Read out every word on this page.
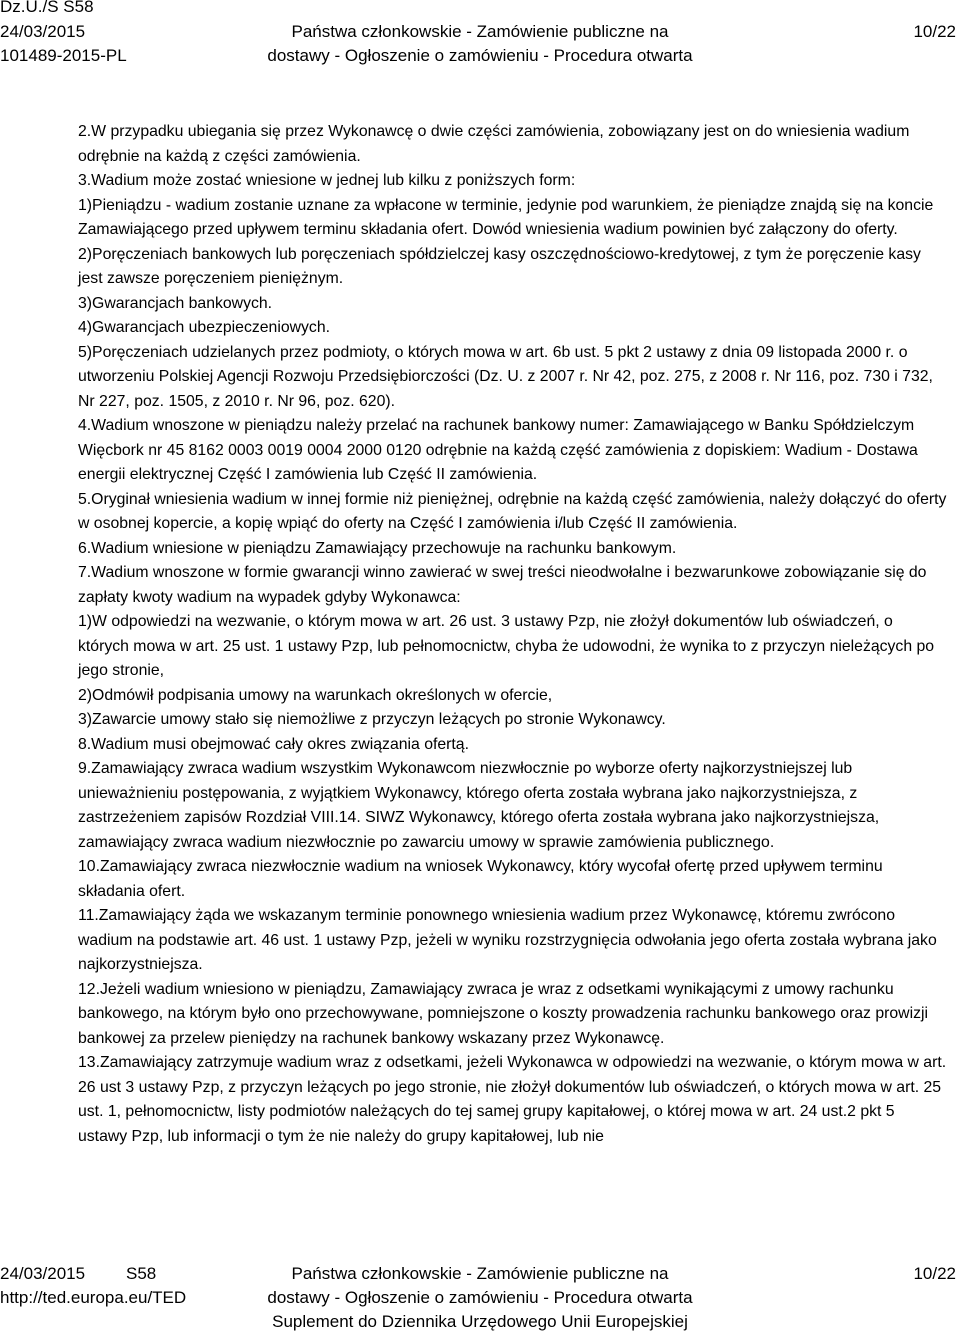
Dz.U./S S58
24/03/2015
101489-2015-PL
Państwa członkowskie - Zamówienie publiczne na
dostawy - Ogłoszenie o zamówieniu - Procedura otwarta
10/22

2.W przypadku ubiegania się przez Wykonawcę o dwie części zamówienia, zobowiązany jest on do wniesienia wadium odrębnie na każdą z części zamówienia.

3.Wadium może zostać wniesione w jednej lub kilku z poniższych form:

1)Pieniądzu - wadium zostanie uznane za wpłacone w terminie, jedynie pod warunkiem, że pieniądze znajdą się na koncie Zamawiającego przed upływem terminu składania ofert. Dowód wniesienia wadium powinien być załączony do oferty.

2)Poręczeniach bankowych lub poręczeniach spółdzielczej kasy oszczędnościowo-kredytowej, z tym że poręczenie kasy jest zawsze poręczeniem pieniężnym.

3)Gwarancjach bankowych.

4)Gwarancjach ubezpieczeniowych.

5)Poręczeniach udzielanych przez podmioty, o których mowa w art. 6b ust. 5 pkt 2 ustawy z dnia 09 listopada 2000 r. o utworzeniu Polskiej Agencji Rozwoju Przedsiębiorczości (Dz. U. z 2007 r. Nr 42, poz. 275, z 2008 r. Nr 116, poz. 730 i 732, Nr 227, poz. 1505, z 2010 r. Nr 96, poz. 620).

4.Wadium wnoszone w pieniądzu należy przelać na rachunek bankowy numer: Zamawiającego w Banku Spółdzielczym Więcbork nr 45 8162 0003 0019 0004 2000 0120 odrębnie na każdą część zamówienia z dopiskiem: Wadium - Dostawa energii elektrycznej Część I zamówienia lub Część II zamówienia.

5.Oryginał wniesienia wadium w innej formie niż pieniężnej, odrębnie na każdą część zamówienia, należy dołączyć do oferty w osobnej kopercie, a kopię wpiąć do oferty na Część I zamówienia i/lub Część II zamówienia.

6.Wadium wniesione w pieniądzu Zamawiający przechowuje na rachunku bankowym.

7.Wadium wnoszone w formie gwarancji winno zawierać w swej treści nieodwołalne i bezwarunkowe zobowiązanie się do zapłaty kwoty wadium na wypadek gdyby Wykonawca:

1)W odpowiedzi na wezwanie, o którym mowa w art. 26 ust. 3 ustawy Pzp, nie złożył dokumentów lub oświadczeń, o których mowa w art. 25 ust. 1 ustawy Pzp, lub pełnomocnictw, chyba że udowodni, że wynika to z przyczyn nieleżących po jego stronie,

2)Odmówił podpisania umowy na warunkach określonych w ofercie,

3)Zawarcie umowy stało się niemożliwe z przyczyn leżących po stronie Wykonawcy.

8.Wadium musi obejmować cały okres związania ofertą.

9.Zamawiający zwraca wadium wszystkim Wykonawcom niezwłocznie po wyborze oferty najkorzystniejszej lub unieważnieniu postępowania, z wyjątkiem Wykonawcy, którego oferta została wybrana jako najkorzystniejsza, z zastrzeżeniem zapisów Rozdział VIII.14. SIWZ Wykonawcy, którego oferta została wybrana jako najkorzystniejsza, zamawiający zwraca wadium niezwłocznie po zawarciu umowy w sprawie zamówienia publicznego.

10.Zamawiający zwraca niezwłocznie wadium na wniosek Wykonawcy, który wycofał ofertę przed upływem terminu składania ofert.

11.Zamawiający żąda we wskazanym terminie ponownego wniesienia wadium przez Wykonawcę, któremu zwrócono wadium na podstawie art. 46 ust. 1 ustawy Pzp, jeżeli w wyniku rozstrzygnięcia odwołania jego oferta została wybrana jako najkorzystniejsza.

12.Jeżeli wadium wniesiono w pieniądzu, Zamawiający zwraca je wraz z odsetkami wynikającymi z umowy rachunku bankowego, na którym było ono przechowywane, pomniejszone o koszty prowadzenia rachunku bankowego oraz prowizji bankowej za przelew pieniędzy na rachunek bankowy wskazany przez Wykonawcę.

13.Zamawiający zatrzymuje wadium wraz z odsetkami, jeżeli Wykonawca w odpowiedzi na wezwanie, o którym mowa w art. 26 ust 3 ustawy Pzp, z przyczyn leżących po jego stronie, nie złożył dokumentów lub oświadczeń, o których mowa w art. 25 ust. 1, pełnomocnictw, listy podmiotów należących do tej samej grupy kapitałowej, o której mowa w art. 24 ust.2 pkt 5 ustawy Pzp, lub informacji o tym że nie należy do grupy kapitałowej, lub nie

24/03/2015 S58
http://ted.europa.eu/TED
Państwa członkowskie - Zamówienie publiczne na
dostawy - Ogłoszenie o zamówieniu - Procedura otwarta
Suplement do Dziennika Urzędowego Unii Europejskiej
10/22
